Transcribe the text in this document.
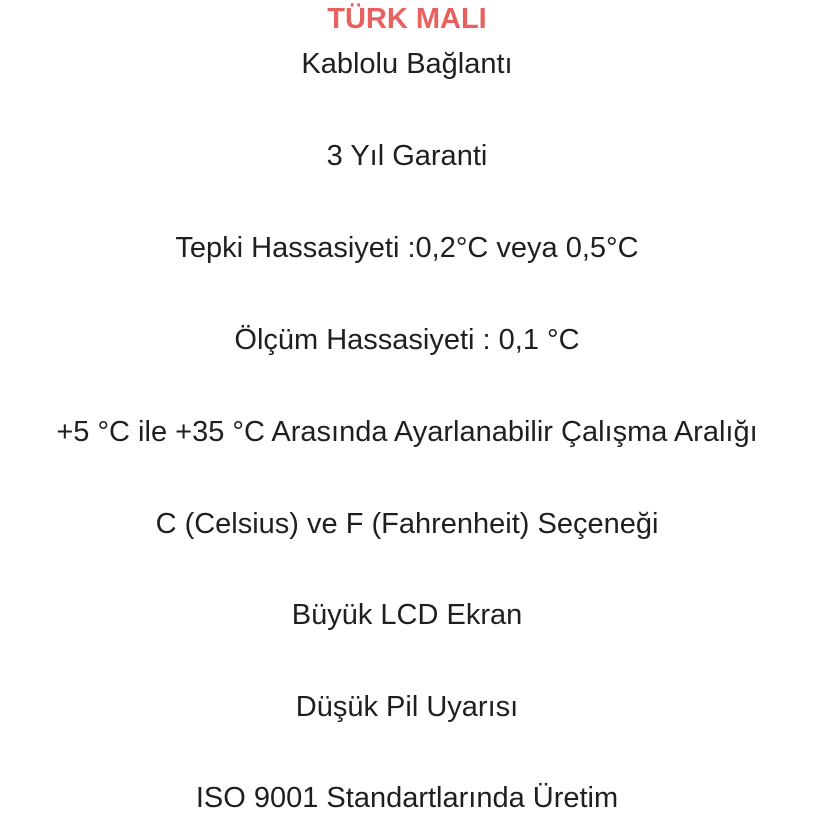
TÜRK MALI
Kablolu Bağlantı
3 Yıl Garanti
Tepki Hassasiyeti :0,2°C veya 0,5°C
Ölçüm Hassasiyeti : 0,1 °C
+5 °C ile +35 °C Arasında Ayarlanabilir Çalışma Aralığı
C (Celsius) ve F (Fahrenheit) Seçeneği
Büyük LCD Ekran
Düşük Pil Uyarısı
ISO 9001 Standartlarında Üretim
